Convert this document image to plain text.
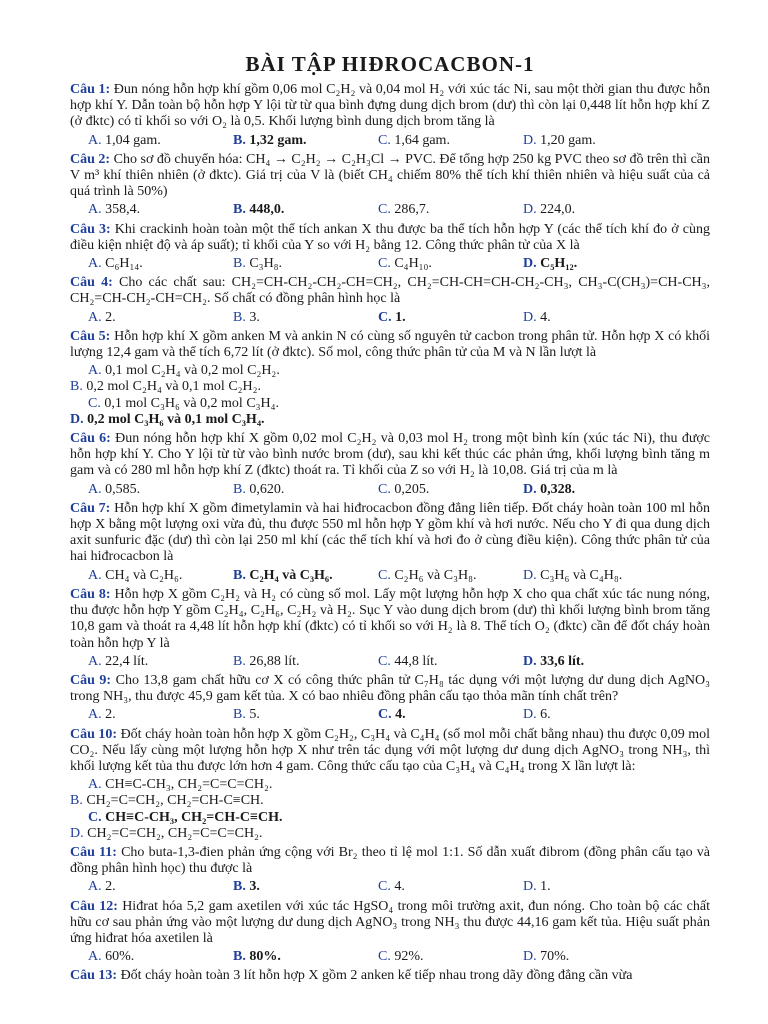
BÀI TẬP HIĐROCACBON-1
Câu 1: Đun nóng hỗn hợp khí gồm 0,06 mol C₂H₂ và 0,04 mol H₂ với xúc tác Ni, sau một thời gian thu được hỗn hợp khí Y. Dẫn toàn bộ hỗn hợp Y lội từ từ qua bình đựng dung dịch brom (dư) thì còn lại 0,448 lít hỗn hợp khí Z (ở đktc) có tỉ khối so với O₂ là 0,5. Khối lượng bình dung dịch brom tăng là
A. 1,04 gam.	B. 1,32 gam.	C. 1,64 gam.	D. 1,20 gam.
Câu 2: Cho sơ đồ chuyển hóa: CH₄ → C₂H₂ → C₂H₃Cl → PVC. Để tổng hợp 250 kg PVC theo sơ đồ trên thì cần V m³ khí thiên nhiên (ở đktc). Giá trị của V là (biết CH₄ chiếm 80% thể tích khí thiên nhiên và hiệu suất của cả quá trình là 50%)
A. 358,4.	B. 448,0.	C. 286,7.	D. 224,0.
Câu 3: Khi crackinh hoàn toàn một thể tích ankan X thu được ba thể tích hỗn hợp Y (các thể tích khí đo ở cùng điều kiện nhiệt độ và áp suất); tỉ khối của Y so với H₂ bằng 12. Công thức phân tử của X là
A. C₆H₁₄.	B. C₃H₈.	C. C₄H₁₀.	D. C₅H₁₂.
Câu 4: Cho các chất sau: CH₂=CH-CH₂-CH₂-CH=CH₂, CH₂=CH-CH=CH-CH₂-CH₃, CH₃-C(CH₃)=CH-CH₃, CH₂=CH-CH₂-CH=CH₂. Số chất có đồng phân hình học là
A. 2.	B. 3.	C. 1.	D. 4.
Câu 5: Hỗn hợp khí X gồm anken M và ankin N có cùng số nguyên tử cacbon trong phân tử. Hỗn hợp X có khối lượng 12,4 gam và thể tích 6,72 lít (ở đktc). Số mol, công thức phân tử của M và N lần lượt là
A. 0,1 mol C₂H₄ và 0,2 mol C₂H₂.
B. 0,2 mol C₂H₄ và 0,1 mol C₂H₂.
C. 0,1 mol C₃H₆ và 0,2 mol C₃H₄.
D. 0,2 mol C₃H₆ và 0,1 mol C₃H₄.
Câu 6: Đun nóng hỗn hợp khí X gồm 0,02 mol C₂H₂ và 0,03 mol H₂ trong một bình kín (xúc tác Ni), thu được hỗn hợp khí Y. Cho Y lội từ từ vào bình nước brom (dư), sau khi kết thúc các phản ứng, khối lượng bình tăng m gam và có 280 ml hỗn hợp khí Z (đktc) thoát ra. Tỉ khối của Z so với H₂ là 10,08. Giá trị của m là
A. 0,585.	B. 0,620.	C. 0,205.	D. 0,328.
Câu 7: Hỗn hợp khí X gồm đimetylamin và hai hiđrocacbon đồng đẳng liên tiếp. Đốt cháy hoàn toàn 100 ml hỗn hợp X bằng một lượng oxi vừa đủ, thu được 550 ml hỗn hợp Y gồm khí và hơi nước. Nếu cho Y đi qua dung dịch axit sunfuric đặc (dư) thì còn lại 250 ml khí (các thể tích khí và hơi đo ở cùng điều kiện). Công thức phân tử của hai hiđrocacbon là
A. CH₄ và C₂H₆.	B. C₂H₄ và C₃H₆.	C. C₂H₆ và C₃H₈.	D. C₃H₆ và C₄H₈.
Câu 8: Hỗn hợp X gồm C₂H₂ và H₂ có cùng số mol. Lấy một lượng hỗn hợp X cho qua chất xúc tác nung nóng, thu được hỗn hợp Y gồm C₂H₄, C₂H₆, C₂H₂ và H₂. Sục Y vào dung dịch brom (dư) thì khối lượng bình brom tăng 10,8 gam và thoát ra 4,48 lít hỗn hợp khí (đktc) có tỉ khối so với H₂ là 8. Thể tích O₂ (đktc) cần để đốt cháy hoàn toàn hỗn hợp Y là
A. 22,4 lít.	B. 26,88 lít.	C. 44,8 lít.	D. 33,6 lít.
Câu 9: Cho 13,8 gam chất hữu cơ X có công thức phân tử C₇H₈ tác dụng với một lượng dư dung dịch AgNO₃ trong NH₃, thu được 45,9 gam kết tủa. X có bao nhiêu đồng phân cấu tạo thỏa mãn tính chất trên?
A. 2.	B. 5.	C. 4.	D. 6.
Câu 10: Đốt cháy hoàn toàn hỗn hợp X gồm C₂H₂, C₃H₄ và C₄H₄ (số mol mỗi chất bằng nhau) thu được 0,09 mol CO₂. Nếu lấy cùng một lượng hỗn hợp X như trên tác dụng với một lượng dư dung dịch AgNO₃ trong NH₃, thì khối lượng kết tủa thu được lớn hơn 4 gam. Công thức cấu tạo của C₃H₄ và C₄H₄ trong X lần lượt là:
A. CH≡C-CH₃, CH₂=C=C=CH₂.
B. CH₂=C=CH₂, CH₂=CH-C≡CH.
C. CH≡C-CH₃, CH₂=CH-C≡CH.
D. CH₂=C=CH₂, CH₂=C=C=CH₂.
Câu 11: Cho buta-1,3-đien phản ứng cộng với Br₂ theo tỉ lệ mol 1:1. Số dẫn xuất đibrom (đồng phân cấu tạo và đồng phân hình học) thu được là
A. 2.	B. 3.	C. 4.	D. 1.
Câu 12: Hiđrat hóa 5,2 gam axetilen với xúc tác HgSO₄ trong môi trường axit, đun nóng. Cho toàn bộ các chất hữu cơ sau phản ứng vào một lượng dư dung dịch AgNO₃ trong NH₃ thu được 44,16 gam kết tủa. Hiệu suất phản ứng hiđrat hóa axetilen là
A. 60%.	B. 80%.	C. 92%.	D. 70%.
Câu 13: Đốt cháy hoàn toàn 3 lít hỗn hợp X gồm 2 anken kế tiếp nhau trong dãy đồng đẳng cần vừa
